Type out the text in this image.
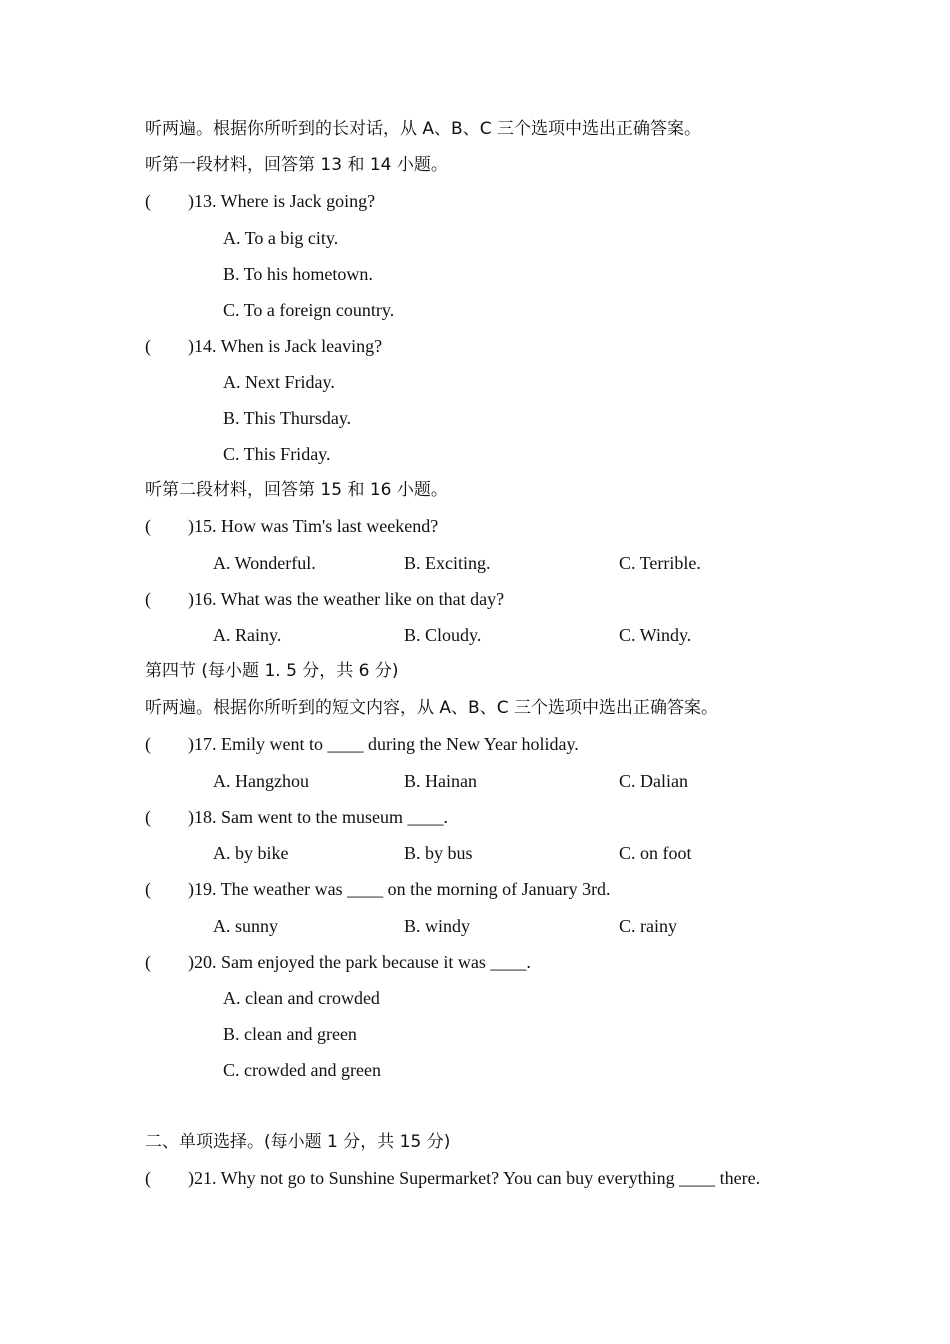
听两遍。根据你所听到的长对话，从 A、B、C 三个选项中选出正确答案。
听第一段材料，回答第 13 和 14 小题。
( )13. Where is Jack going?
A. To a big city.
B. To his hometown.
C. To a foreign country.
( )14. When is Jack leaving?
A. Next Friday.
B. This Thursday.
C. This Friday.
听第二段材料，回答第 15 和 16 小题。
( )15. How was Tim's last weekend?
A. Wonderful.	B. Exciting.	C. Terrible.
( )16. What was the weather like on that day?
A. Rainy.	B. Cloudy.	C. Windy.
第四节 (每小题 1. 5 分，共 6 分)
听两遍。根据你所听到的短文内容，从 A、B、C 三个选项中选出正确答案。
( )17. Emily went to ____ during the New Year holiday.
A. Hangzhou	B. Hainan	C. Dalian
( )18. Sam went to the museum ____.
A. by bike	B. by bus	C. on foot
( )19. The weather was ____ on the morning of January 3rd.
A. sunny	B. windy	C. rainy
( )20. Sam enjoyed the park because it was ____.
A. clean and crowded
B. clean and green
C. crowded and green
二、单项选择。(每小题 1 分，共 15 分)
( )21. Why not go to Sunshine Supermarket? You can buy everything ____ there.
